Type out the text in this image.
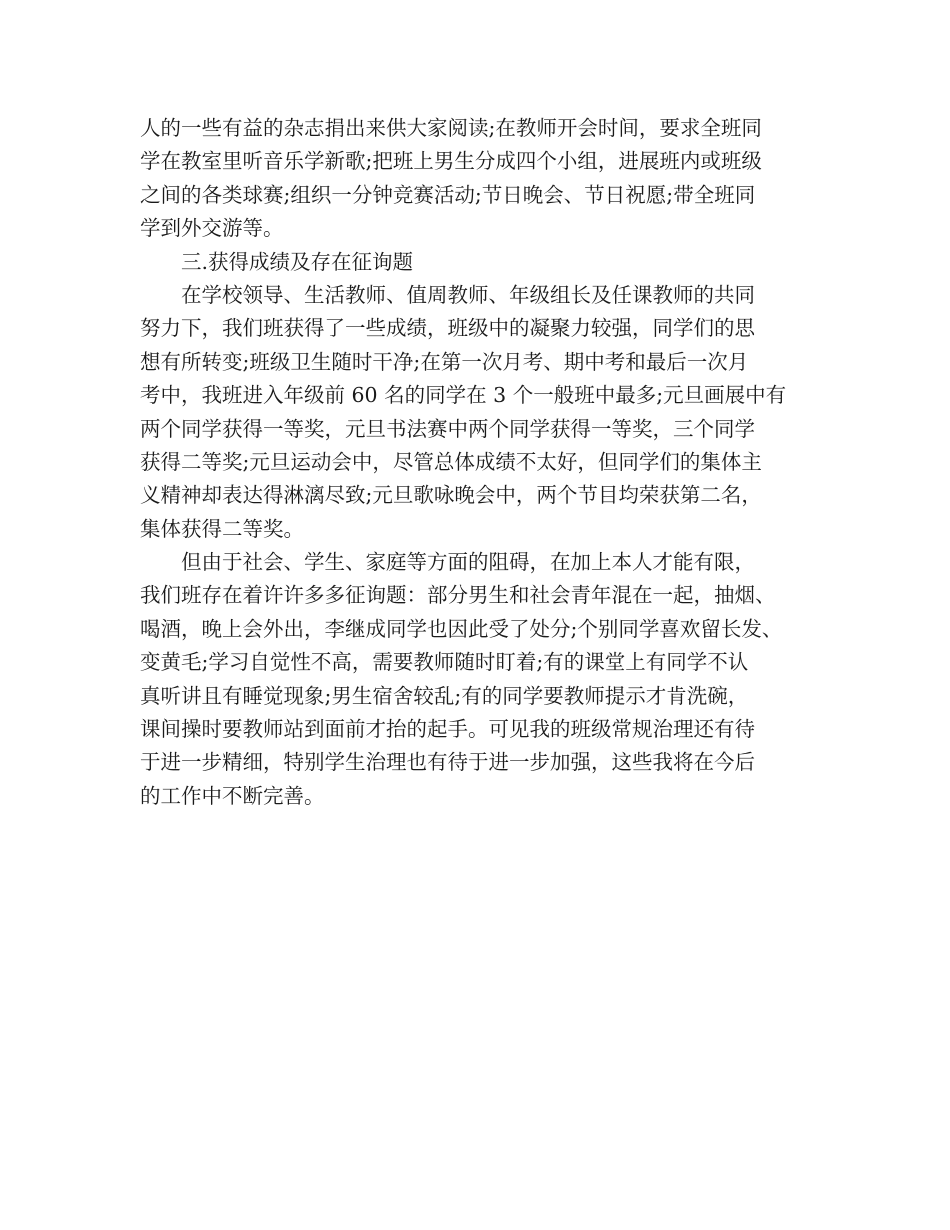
人的一些有益的杂志捐出来供大家阅读;在教师开会时间，要求全班同
学在教室里听音乐学新歌;把班上男生分成四个小组，进展班内或班级
之间的各类球赛;组织一分钟竞赛活动;节日晚会、节日祝愿;带全班同
学到外交游等。
三.获得成绩及存在征询题
在学校领导、生活教师、值周教师、年级组长及任课教师的共同
努力下，我们班获得了一些成绩，班级中的凝聚力较强，同学们的思
想有所转变;班级卫生随时干净;在第一次月考、期中考和最后一次月
考中，我班进入年级前 60 名的同学在 3 个一般班中最多;元旦画展中有
两个同学获得一等奖，元旦书法赛中两个同学获得一等奖，三个同学
获得二等奖;元旦运动会中，尽管总体成绩不太好，但同学们的集体主
义精神却表达得淋漓尽致;元旦歌咏晚会中，两个节目均荣获第二名，
集体获得二等奖。
但由于社会、学生、家庭等方面的阻碍，在加上本人才能有限，
我们班存在着许许多多征询题：部分男生和社会青年混在一起，抽烟、
喝酒，晚上会外出，李继成同学也因此受了处分;个别同学喜欢留长发、
变黄毛;学习自觉性不高，需要教师随时盯着;有的课堂上有同学不认
真听讲且有睡觉现象;男生宿舍较乱;有的同学要教师提示才肯洗碗，
课间操时要教师站到面前才抬的起手。可见我的班级常规治理还有待
于进一步精细，特别学生治理也有待于进一步加强，这些我将在今后
的工作中不断完善。
